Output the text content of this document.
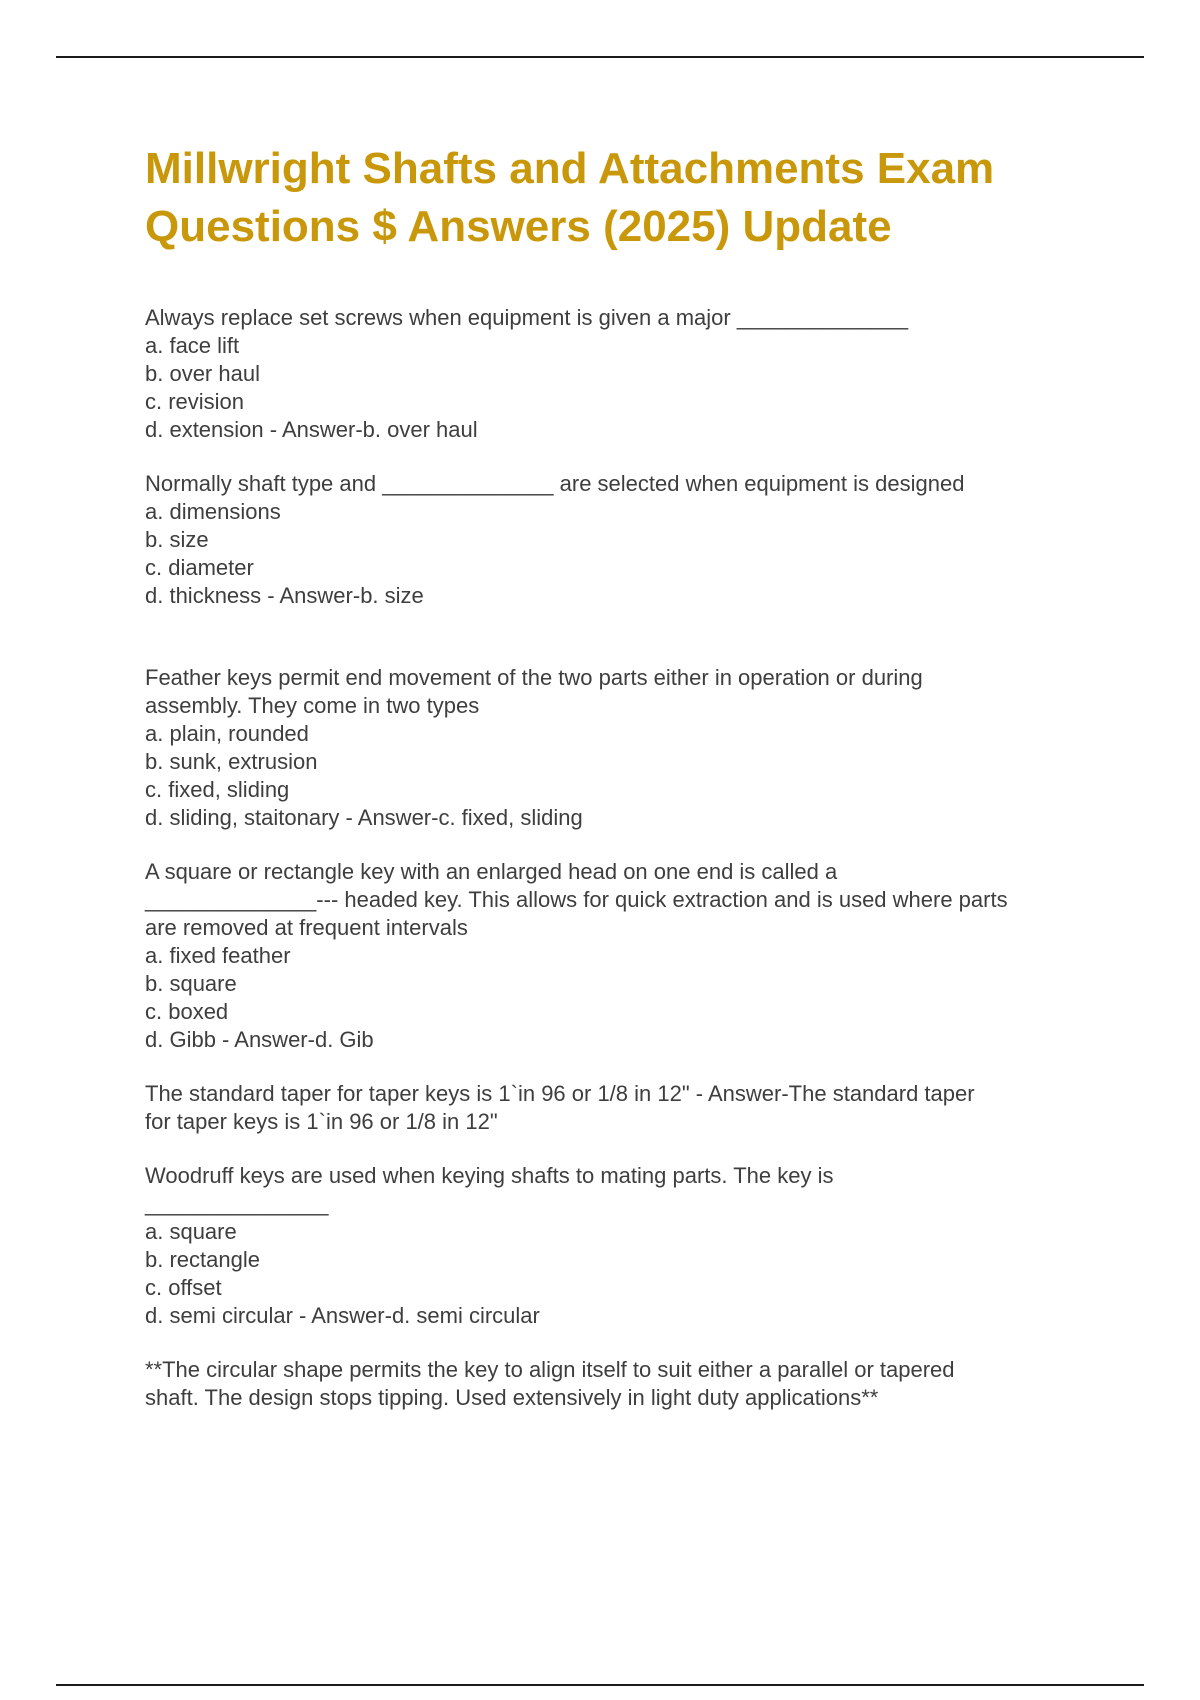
Millwright Shafts and Attachments Exam
Questions $ Answers (2025) Update

Always replace set screws when equipment is given a major ______________

a. face lift

b. over haul

c. revision

d. extension - Answer-b. over haul

Normally shaft type and ______________ are selected when equipment is designed

a. dimensions

b. size

c. diameter

d. thickness - Answer-b. size

Feather keys permit end movement of the two parts either in operation or during

assembly. They come in two types

a. plain, rounded

b. sunk, extrusion

c. fixed, sliding

d. sliding, staitonary - Answer-c. fixed, sliding

A square or rectangle key with an enlarged head on one end is called a

______________--- headed key. This allows for quick extraction and is used where parts

are removed at frequent intervals

a. fixed feather

b. square

c. boxed

d. Gibb - Answer-d. Gib

The standard taper for taper keys is 1`in 96 or 1/8 in 12" - Answer-The standard taper

for taper keys is 1`in 96 or 1/8 in 12"

Woodruff keys are used when keying shafts to mating parts. The key is

_______________

a. square

b. rectangle

c. offset

d. semi circular - Answer-d. semi circular

**The circular shape permits the key to align itself to suit either a parallel or tapered

shaft. The design stops tipping. Used extensively in light duty applications**
